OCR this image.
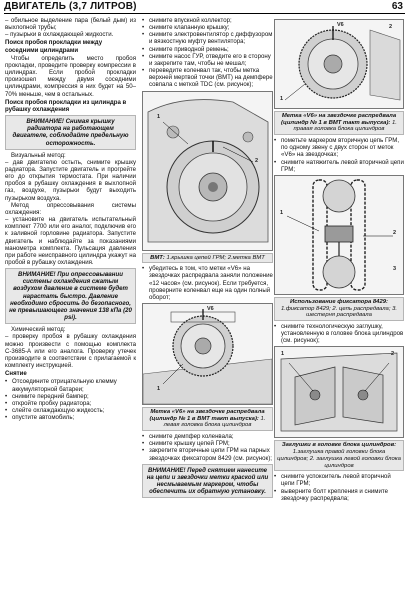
ДВИГАТЕЛЬ (3,7 ЛИТРОВ)	63

– обильное выделение пара (белый дым) из выхлопной трубы;

– пузырьки в охлаждающей жидкости.

Поиск пробоя прокладки между соседними цилиндрами

Чтобы определить место пробоя прокладки, проведите проверку компрессии в цилиндрах. Если пробой прокладки произошел между двумя соседними цилиндрами, компрессия в них будет на 50–70% меньше, чем в остальных.

Поиск пробоя прокладки из цилиндра в рубашку охлаждения

ВНИМАНИЕ! Снимая крышку радиатора на работающем двигателе, соблюдайте предельную осторожность.

Визуальный метод:

– дав двигателю остыть, снимите крышку радиатора. Запустите двигатель и прогрейте его до открытия термостата. При наличии пробоя в рубашку охлаждения в выхлопной газ, воздухе, пузырьки будут выходить пузырьком воздуха.

Метод опрессовывания системы охлаждения:

– установите на двигатель испытательный комплект 7700 или его аналог, подключив его к заливной горловине радиатора. Запустите двигатель и наблюдайте за показаниями манометра комплекта. Пульсация давления при работе неисправного цилиндра укажут на пробой в рубашку охлаждения.

ВНИМАНИЕ! При опрессовывании системы охлаждения сжатым воздухом давление в системе будет нарастать быстро. Давление необходимо сбросить до безопасного, не превышающего значения 138 кПа (20 psi).

Химический метод:

– проверку пробоя в рубашку охлаждения можно произвести с помощью комплекта С-3685-А или его аналога. Проверку утечек производите в соответствии с прилагаемой к комплекту инструкцией.

Снятие

• Отсоедините отрицательную клемму аккумуляторной батареи;

• снимите передний бампер;

• откройте пробку радиатора;

• слейте охлаждающую жидкость;

• опустите автомобиль;

• снимите впускной коллектор;

• снимите клапанную крышку;

• снимите электровентилятор с диффузором и вязкостную муфту вентилятора;

• снимите приводной ремень;

• снимите насос ГУР, отведите его в сторону и закрепите там, чтобы не мешал;

• переведите коленвал так, чтобы метка верхней мертвой точки (ВМТ) на демпфере совпала с меткой TDC (см. рисунок);

1
2
ВМТ: 1.крышка цепей ГРМ; 2.метка ВМТ

• убедитесь в том, что метки «V6» на звездочках распредвала заняли положение «12 часов» (см. рисунок). Если требуется, проверните коленвал еще на один полный оборот;

V6
1
Метка «V6» на звездочке распредвала (цилиндр № 1 в ВМТ такт выпуска): 1. левая головка блока цилиндров

• снимите демпфер коленвала;

• снимите крышку цепей ГРМ;

• закрепите вторичные цепи ГРМ на парных звездочках фиксатором 8429 (см. рисунок);

ВНИМАНИЕ! Перед снятием нанесите на цепи и звездочки метки краской или несмываемым маркером, чтобы обеспечить их обратную установку.

V6
1
2
Метка «V6» на звездочке распредвала (цилиндр № 1 в ВМТ такт выпуска): 1. правая головка блока цилиндров

• пометьте маркером вторичную цепь ГРМ, по одному звену с двух сторон от меток «V6» на звездочках;

• снимите натяжитель левой вторичной цепи ГРМ;

1
2
3
Использование фиксатора 8429: 1.фиксатор 8429; 2. цепь распредвала; 3. шестерня распредвала

• снимите технологическую заглушку, установленную в головке блока цилиндров (см. рисунок);

1	2
Заглушки в головке блока цилиндров: 1.заглушка правой головки блока цилиндров; 2. заглушка левой головки блока цилиндров

• снимите успокоитель левой вторичной цепи ГРМ;

• выверните болт крепления и снимите звездочку распредвала;
